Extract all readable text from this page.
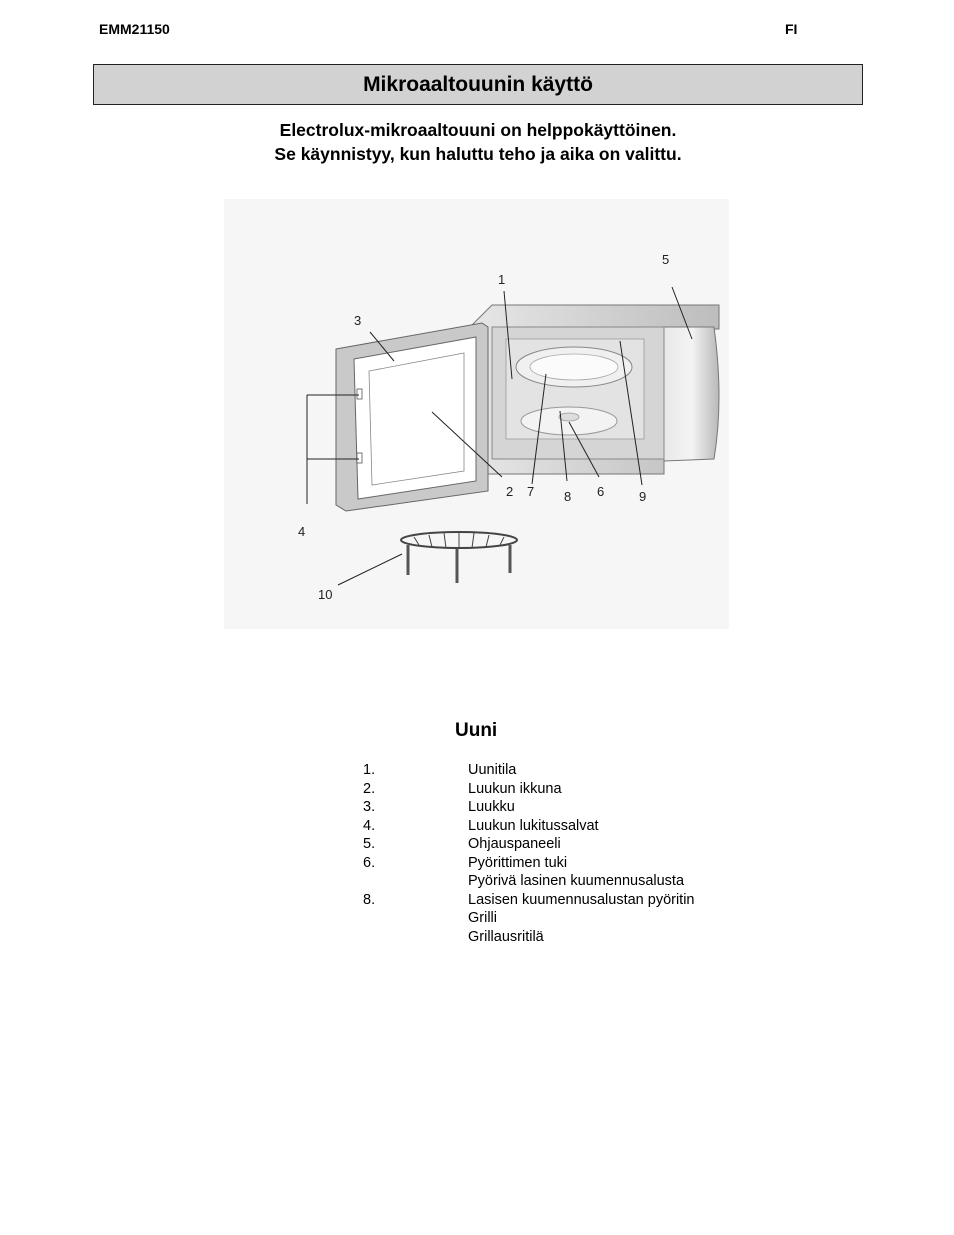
EMM21150	FI
Mikroaaltouunin käyttö
Electrolux-mikroaaltouuni on helppokäyttöinen.
Se käynnistyy, kun haluttu teho ja aika on valittu.
1
2
3
4
5
6
7 8	9
10
Uuni
1.	Uunitila
2.	Luukun ikkuna
3.	Luukku
4.	Luukun lukitussalvat
5.	Ohjauspaneeli
6.	Pyörittimen tuki
Pyörivä lasinen kuumennusalusta
8.	Lasisen kuumennusalustan pyöritin
Grilli
Grillausritilä
